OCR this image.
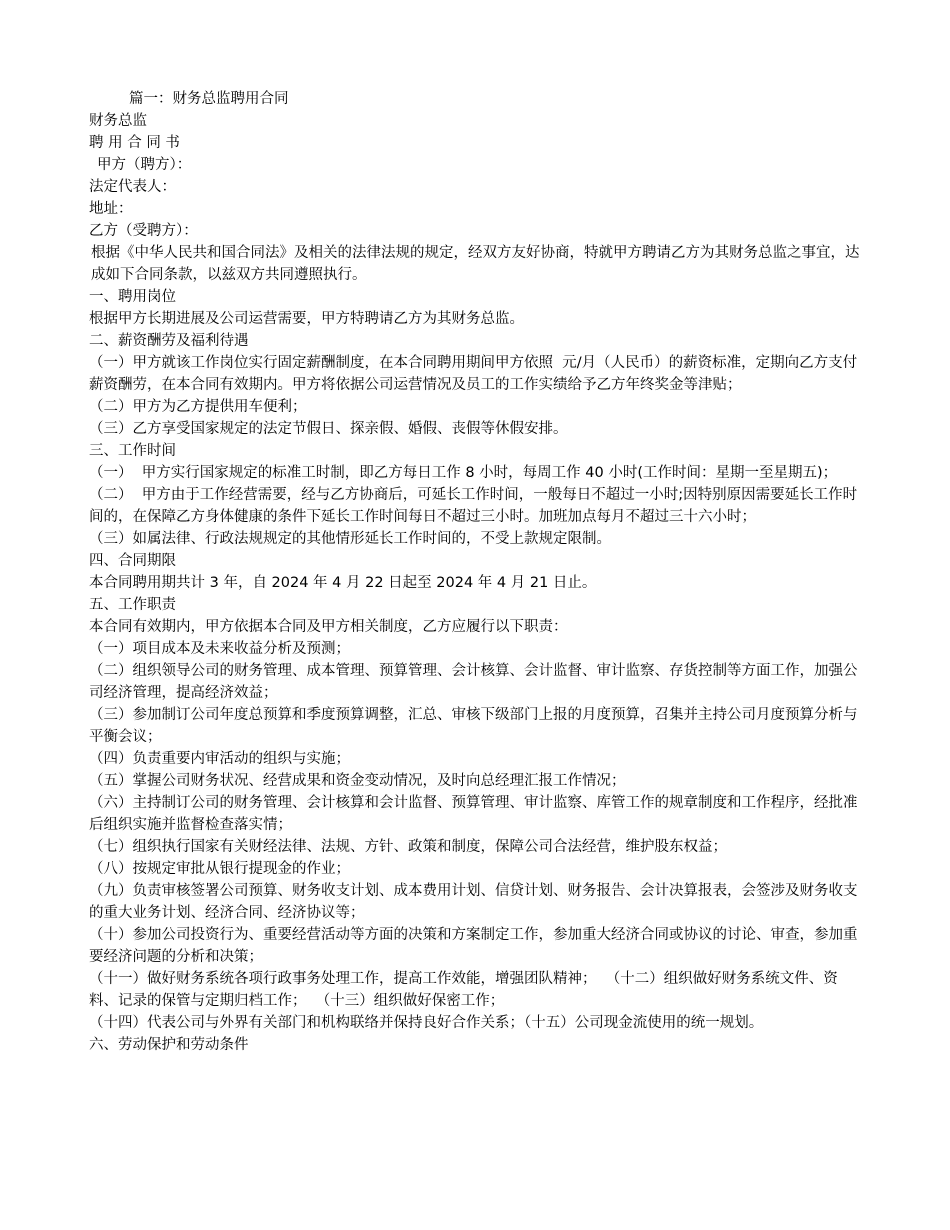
篇一：财务总监聘用合同

财务总监

聘 用 合 同 书

甲方（聘方）：

法定代表人：

地址：

乙方（受聘方）：

根据《中华人民共和国合同法》及相关的法律法规的规定，经双方友好协商，特就甲方聘请乙方为其财务总监之事宜，达成如下合同条款，以兹双方共同遵照执行。

一、聘用岗位

根据甲方长期进展及公司运营需要，甲方特聘请乙方为其财务总监。

二、薪资酬劳及福利待遇

（一）甲方就该工作岗位实行固定薪酬制度，在本合同聘用期间甲方依照  元/月（人民币）的薪资标准，定期向乙方支付薪资酬劳，在本合同有效期内。甲方将依据公司运营情况及员工的工作实绩给予乙方年终奖金等津贴；

（二）甲方为乙方提供用车便利；

（三）乙方享受国家规定的法定节假日、探亲假、婚假、丧假等休假安排。

三、工作时间

（一）  甲方实行国家规定的标准工时制，即乙方每日工作 8 小时，每周工作 40 小时(工作时间：星期一至星期五)；（二）  甲方由于工作经营需要，经与乙方协商后，可延长工作时间，一般每日不超过一小时;因特别原因需要延长工作时间的，在保障乙方身体健康的条件下延长工作时间每日不超过三小时。加班加点每月不超过三十六小时；

（三）如属法律、行政法规规定的其他情形延长工作时间的，不受上款规定限制。

四、合同期限

本合同聘用期共计 3 年，自 2024 年 4 月 22 日起至 2024 年 4 月 21 日止。

五、工作职责

本合同有效期内，甲方依据本合同及甲方相关制度，乙方应履行以下职责：

（一）项目成本及未来收益分析及预测；

（二）组织领导公司的财务管理、成本管理、预算管理、会计核算、会计监督、审计监察、存货控制等方面工作，加强公司经济管理，提高经济效益；

（三）参加制订公司年度总预算和季度预算调整，汇总、审核下级部门上报的月度预算，召集并主持公司月度预算分析与平衡会议；

（四）负责重要内审活动的组织与实施；

（五）掌握公司财务状况、经营成果和资金变动情况，及时向总经理汇报工作情况；

（六）主持制订公司的财务管理、会计核算和会计监督、预算管理、审计监察、库管工作的规章制度和工作程序，经批准后组织实施并监督检查落实情；

（七）组织执行国家有关财经法律、法规、方针、政策和制度，保障公司合法经营，维护股东权益；

（八）按规定审批从银行提现金的作业；

（九）负责审核签署公司预算、财务收支计划、成本费用计划、信贷计划、财务报告、会计决算报表，会签涉及财务收支的重大业务计划、经济合同、经济协议等；

（十）参加公司投资行为、重要经营活动等方面的决策和方案制定工作，参加重大经济合同或协议的讨论、审查，参加重要经济问题的分析和决策；

（十一）做好财务系统各项行政事务处理工作，提高工作效能，增强团队精神；  （十二）组织做好财务系统文件、资料、记录的保管与定期归档工作；  （十三）组织做好保密工作；

（十四）代表公司与外界有关部门和机构联络并保持良好合作关系；（十五）公司现金流使用的统一规划。

六、劳动保护和劳动条件
